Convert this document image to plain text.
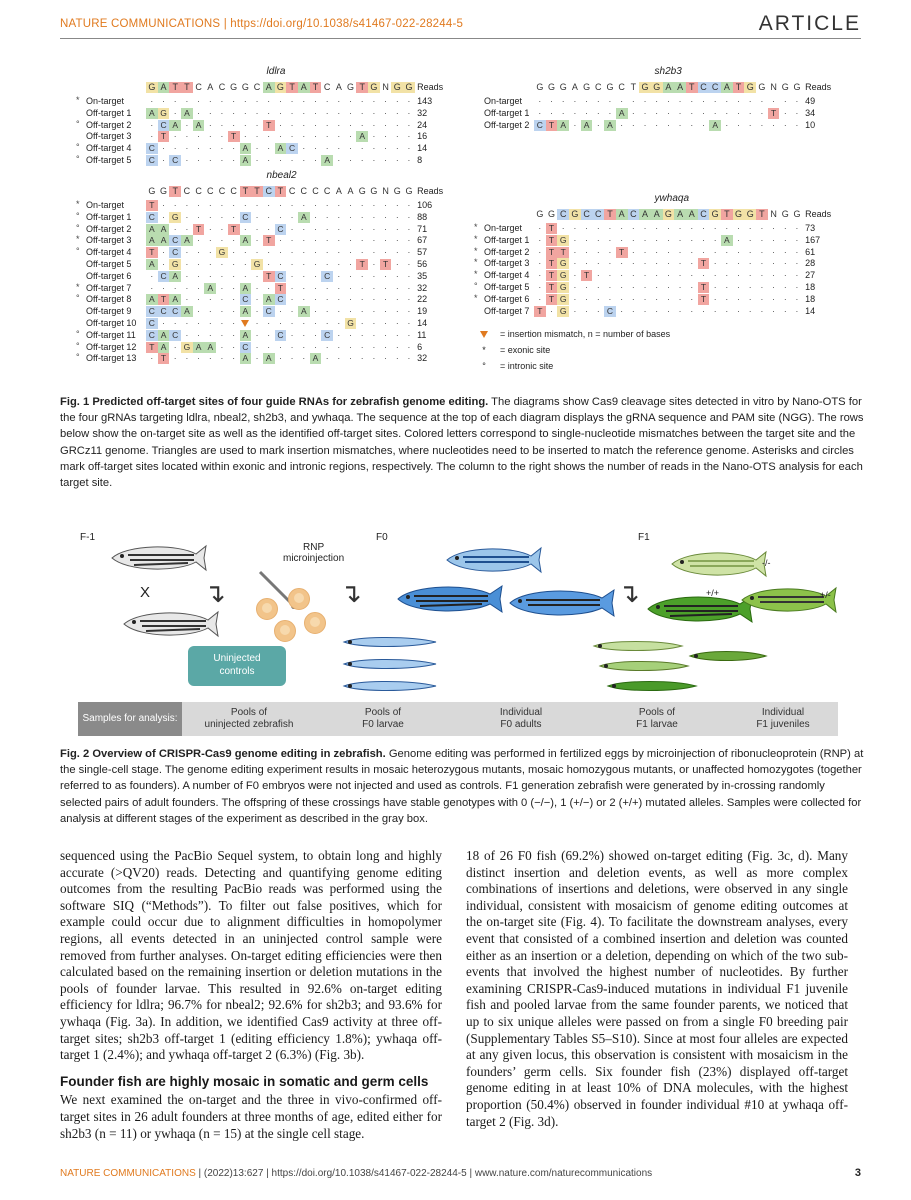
NATURE COMMUNICATIONS | https://doi.org/10.1038/s41467-022-28244-5	ARTICLE
ldlra
G A T T C A C G G C A G T A T C A G T G N G G Reads
* On-target	·	·	·	·	·	·	·	·	·	·	·	·	·	·	·	·	·	·	·	·	·	·	· 143
Off-target 1	A G · A ·	·	·	·	·	·	·	·	·	·	·	·	·	·	·	·	·	·	· 32
° Off-target 2	· C A · A ·	·	·	·	· T ·	·	·	·	·	·	·	·	·	·	·	· 24
Off-target 3	· T ·	·	·	·	· T ·	·	·	·	·	·	·	·	·	· A ·	·	·	· 16
° Off-target 4	C ·	·	·	·	·	·	· A ·	· A C ·	·	·	·	·	·	·	·	·	· 14
° Off-target 5	C · C ·	·	·	·	· A ·	·	·	·	·	· A ·	·	·	·	·	·	· 8
sh2b3
G G G A G C G C T G G A A T C C A T G G N G G Reads
On-target	·	·	·	·	·	·	·	·	·	·	·	·	·	·	·	·	·	·	·	·	·	·	· 49
Off-target 1	·	·	·	·	·	·	· A ·	·	·	·	·	·	·	·	·	·	·	· T ·	· 34
Off-target 2 C T A · A · A ·	·	·	·	·	·	·	· A ·	·	·	·	·	·	· 10
nbeal2
G G T C C C C C T T C T C C C C A A G G N G G Reads
* On-target	T ·	·	·	·	·	·	·	·	·	·	·	·	·	·	·	·	·	·	·	·	·	· 106
° Off-target 1	C · G ·	·	·	·	· C ·	·	·	· A ·	·	·	·	·	·	·	·	· 88
° Off-target 2	A A ·	· T ·	· T ·	·	· C ·	·	·	·	·	·	·	·	·	·	· 71
* Off-target 3	A A C A ·	·	·	· A · T ·	·	·	·	·	·	·	·	·	·	·	· 67
° Off-target 4	T · C ·	·	· G ·	·	·	·	·	·	·	·	·	·	·	·	·	·	·	· 57
Off-target 5	A · G ·	·	·	·	·	· G ·	·	·	·	·	·	·	· T · T ·	· 56
Off-target 6	· C A ·	·	·	·	·	·	· T C ·	·	· C ·	·	·	·	·	·	· 35
* Off-target 7	·	·	·	·	· A ·	· A ·	· T ·	·	·	·	·	·	·	·	·	·	· 32
° Off-target 8	A T A ·	·	·	·	· C · A C ·	·	·	·	·	·	·	·	·	·	· 22
Off-target 9	C C C A ·	·	·	· A · C ·	· A ·	·	·	·	·	·	·	·	· 19
Off-target 10	C ·	·	·	·	·	·	·	·	·	·	·	·	·	·	· G ·	·	·	·	· 14
° Off-target 11	C A C ·	·	·	·	· A ·	· C ·	·	· C ·	·	·	·	·	·	· 11
° Off-target 12	T A · G A A ·	· C ·	·	·	·	·	·	·	·	·	·	·	·	·	· 6
° Off-target 13	· T ·	·	·	·	·	· A · A ·	·	· A ·	·	·	·	·	·	·	· 32
ywhaqa
G G C G C C T A C A A G A A C G T G G T N G G Reads
* On-target	· T ·	·	·	·	·	·	·	·	·	·	·	·	·	·	·	·	·	·	·	·	· 73
* Off-target 1	· T G ·	·	·	·	·	·	·	·	·	·	·	·	· A ·	·	·	·	·	· 167
* Off-target 2	· T T ·	·	·	· T ·	·	·	·	·	·	·	·	·	·	·	·	·	·	· 61
* Off-target 3	· T G ·	·	·	·	·	·	·	·	·	·	· T ·	·	·	·	·	·	·	· 28
* Off-target 4	· T G · T ·	·	·	·	·	·	·	·	·	·	·	·	·	·	·	·	·	· 27
° Off-target 5	· T G ·	·	·	·	·	·	·	·	·	·	· T ·	·	·	·	·	·	·	· 18
* Off-target 6	· T G ·	·	·	·	·	·	·	·	·	·	· T ·	·	·	·	·	·	·	· 18
Off-target 7 T · G ·	·	· C ·	·	·	·	·	·	·	·	·	·	·	·	·	·	·	· 14
= insertion mismatch, n = number of bases
*	= exonic site
°	= intronic site
Fig. 1 Predicted off-target sites of four guide RNAs for zebrafish genome editing. The diagrams show Cas9 cleavage sites detected in vitro by Nano-OTS for the four gRNAs targeting ldlra, nbeal2, sh2b3, and ywhaqa. The sequence at the top of each diagram displays the gRNA sequence and PAM site (NGG). The rows below show the on-target site as well as the identified off-target sites. Colored letters correspond to single-nucleotide mismatches between the target site and the GRCz11 genome. Triangles are used to mark insertion mismatches, where nucleotides need to be inserted to match the reference genome. Asterisks and circles mark off-target sites located within exonic and intronic regions, respectively. The column to the right shows the number of reads in the Nano-OTS analysis for each target site.
F-1
X ↴
RNP
microinjection
Uninjected
controls
↴
F0
↴
F1
-/-
+/+	+/-
Samples for analysis:
Pools of
uninjected zebrafish
Pools of
F0 larvae
Individual
F0 adults
Pools of
F1 larvae
Individual
F1 juveniles
Fig. 2 Overview of CRISPR-Cas9 genome editing in zebrafish. Genome editing was performed in fertilized eggs by microinjection of ribonucleoprotein (RNP) at the single-cell stage. The genome editing experiment results in mosaic heterozygous mutants, mosaic homozygous mutants, or unaffected homozygotes (together referred to as founders). A number of F0 embryos were not injected and used as controls. F1 generation zebrafish were generated by in-crossing randomly selected pairs of adult founders. The offspring of these crossings have stable genotypes with 0 (−/−), 1 (+/−) or 2 (+/+) mutated alleles. Samples were collected for analysis at different stages of the experiment as described in the gray box.

sequenced using the PacBio Sequel system, to obtain long and highly accurate (>QV20) reads. Detecting and quantifying genome editing outcomes from the resulting PacBio reads was performed using the software SIQ (“Methods”). To filter out false positives, which for example could occur due to alignment difficulties in homopolymer regions, all events detected in an uninjected control sample were removed from further analyses. On-target editing efficiencies were then calculated based on the remaining insertion or deletion mutations in the pools of founder larvae. This resulted in 92.6% on-target editing efficiency for ldlra; 96.7% for nbeal2; 92.6% for sh2b3; and 93.6% for ywhaqa (Fig. 3a). In addition, we identified Cas9 activity at three off-target sites; sh2b3 off-target 1 (editing efficiency 1.8%); ywhaqa off-target 1 (2.4%); and ywhaqa off-target 2 (6.3%) (Fig. 3b).

Founder fish are highly mosaic in somatic and germ cells

We next examined the on-target and the three in vivo-confirmed off-target sites in 26 adult founders at three months of age, edited either for sh2b3 (n = 11) or ywhaqa (n = 15) at the single cell stage.

18 of 26 F0 fish (69.2%) showed on-target editing (Fig. 3c, d). Many distinct insertion and deletion events, as well as more complex combinations of insertions and deletions, were observed in any single individual, consistent with mosaicism of genome editing outcomes at the on-target site (Fig. 4). To facilitate the downstream analyses, every event that consisted of a combined insertion and deletion was counted either as an insertion or a deletion, depending on which of the two sub-events that involved the highest number of nucleotides. By further examining CRISPR-Cas9-induced mutations in individual F1 juvenile fish and pooled larvae from the same founder parents, we noticed that up to six unique alleles were passed on from a single F0 breeding pair (Supplementary Tables S5–S10). Since at most four alleles are expected at any given locus, this observation is consistent with mosaicism in the founders’ germ cells. Six founder fish (23%) displayed off-target genome editing in at least 10% of DNA molecules, with the highest proportion (50.4%) observed in founder individual #10 at ywhaqa off-target 2 (Fig. 3d).

NATURE COMMUNICATIONS | (2022)13:627 | https://doi.org/10.1038/s41467-022-28244-5 | www.nature.com/naturecommunications	3
